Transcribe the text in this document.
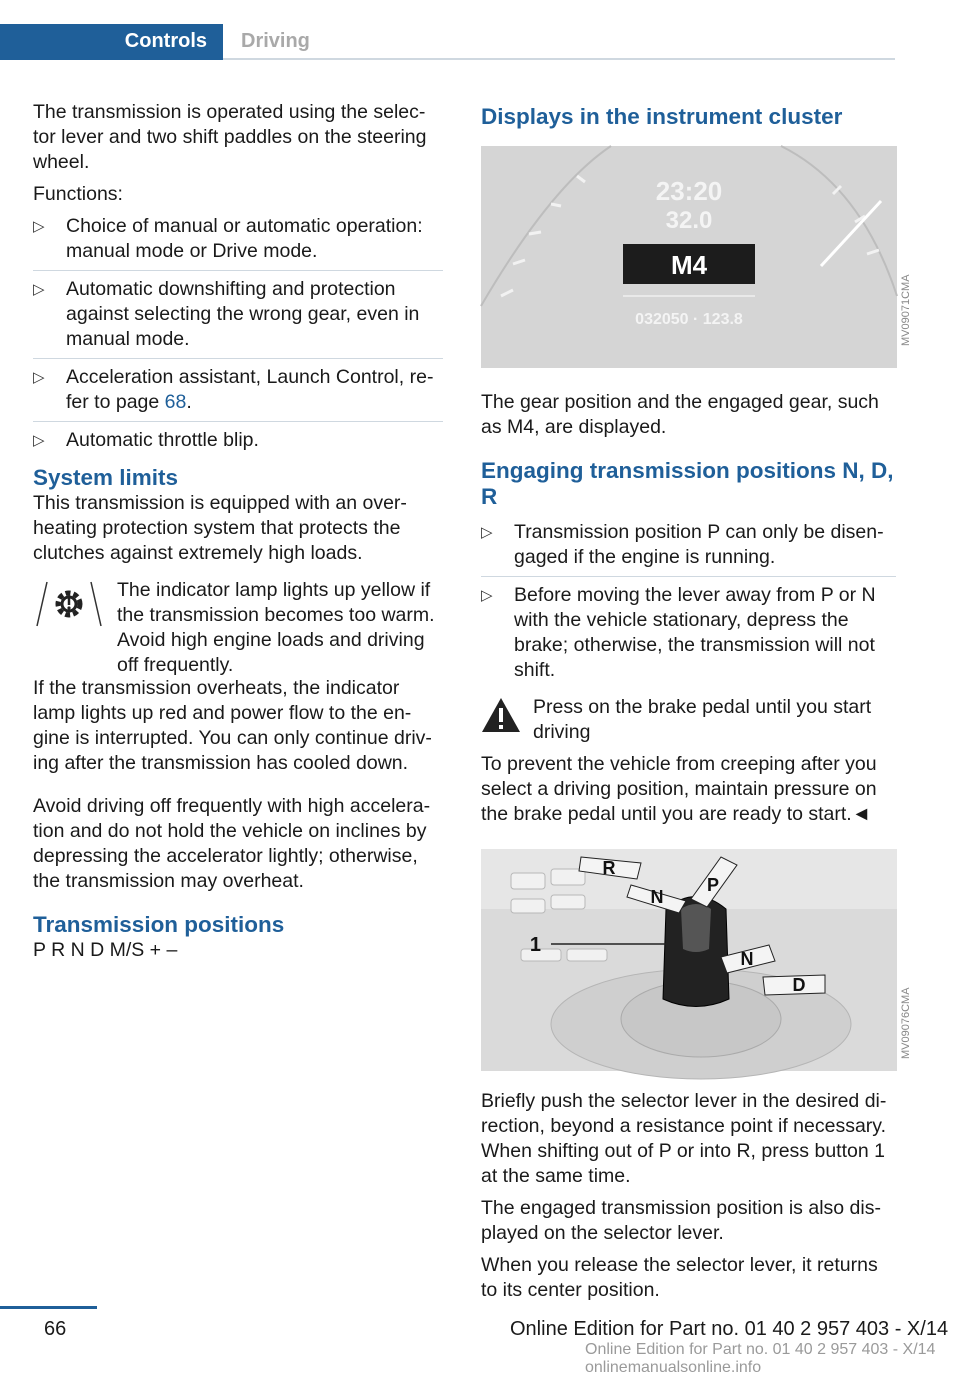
Controls	Driving

The transmission is operated using the selec-tor lever and two shift paddles on the steering wheel.

Functions:

▷ Choice of manual or automatic operation: manual mode or Drive mode.
▷ Automatic downshifting and protection against selecting the wrong gear, even in manual mode.
▷ Acceleration assistant, Launch Control, re-fer to page 68.
▷ Automatic throttle blip.
System limits

This transmission is equipped with an over-heating protection system that protects the clutches against extremely high loads.

The indicator lamp lights up yellow if the transmission becomes too warm. Avoid high engine loads and driving off frequently.

If the transmission overheats, the indicator lamp lights up red and power flow to the en-gine is interrupted. You can only continue driv-ing after the transmission has cooled down.

Avoid driving off frequently with high accelera-tion and do not hold the vehicle on inclines by depressing the accelerator lightly; otherwise, the transmission may overheat.

Transmission positions

P R N D M/S + –

Displays in the instrument cluster
23:20
32.0
M4
032050 · 123.8	MV09071CMA

The gear position and the engaged gear, such as M4, are displayed.

Engaging transmission positions N, D, R
▷ Transmission position P can only be disen-gaged if the engine is running.
▷ Before moving the lever away from P or N with the vehicle stationary, depress the brake; otherwise, the transmission will not shift.

Press on the brake pedal until you start driving

To prevent the vehicle from creeping after you select a driving position, maintain pressure on the brake pedal until you are ready to start.◄

1
R
N
P
N
D
MV09076CMA

Briefly push the selector lever in the desired di-rection, beyond a resistance point if necessary. When shifting out of P or into R, press button 1 at the same time.

The engaged transmission position is also dis-played on the selector lever.

When you release the selector lever, it returns to its center position.

66	Online Edition for Part no. 01 40 2 957 403 - X/14
Online Edition for Part no. 01 40 2 957 403 - X/14 onlinemanualsonline.info
